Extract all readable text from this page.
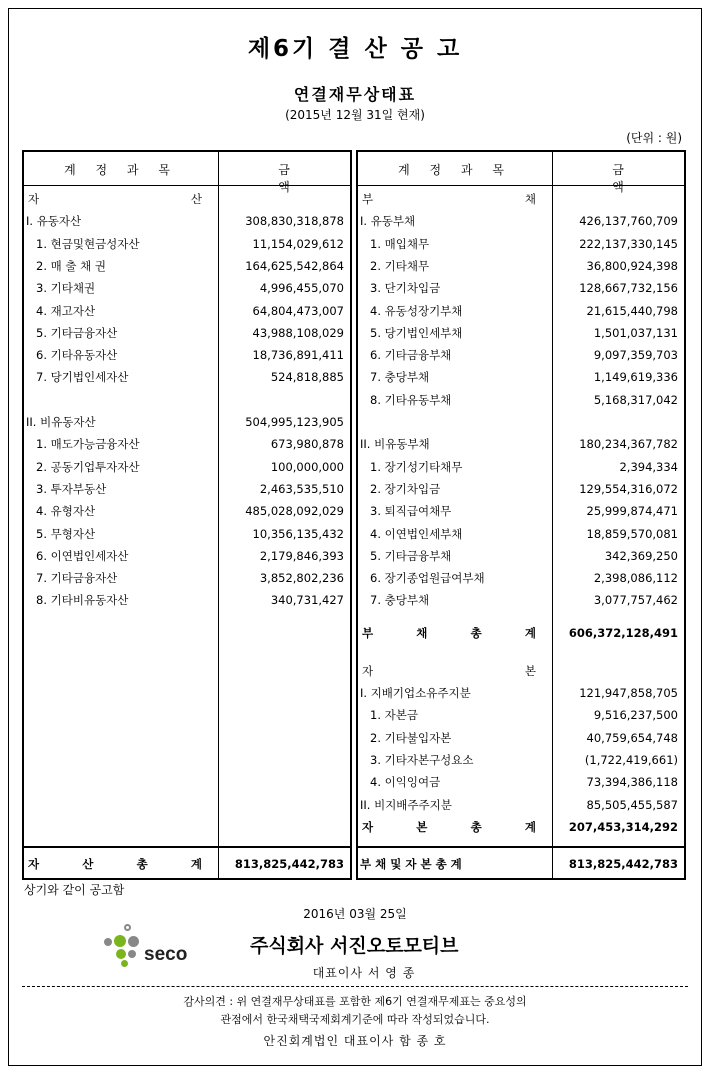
제6기 결 산 공 고
연결재무상태표
(2015년 12월 31일 현재)
(단위 : 원)
계 정 과 목	금 액
자	산
I. 유동자산	308,830,318,878
1. 현금및현금성자산	11,154,029,612
2. 매 출 채 권	164,625,542,864
3. 기타채권	4,996,455,070
4. 재고자산	64,804,473,007
5. 기타금융자산	43,988,108,029
6. 기타유동자산	18,736,891,411
7. 당기법인세자산	524,818,885
II. 비유동자산	504,995,123,905
1. 매도가능금융자산	673,980,878
2. 공동기업투자자산	100,000,000
3. 투자부동산	2,463,535,510
4. 유형자산	485,028,092,029
5. 무형자산	10,356,135,432
6. 이연법인세자산	2,179,846,393
7. 기타금융자산	3,852,802,236
8. 기타비유동자산	340,731,427
자	산	총	계	813,825,442,783
계 정 과 목	금 액
부	채
I. 유동부채	426,137,760,709
1. 매입채무	222,137,330,145
2. 기타채무	36,800,924,398
3. 단기차입금	128,667,732,156
4. 유동성장기부채	21,615,440,798
5. 당기법인세부채	1,501,037,131
6. 기타금융부채	9,097,359,703
7. 충당부채	1,149,619,336
8. 기타유동부채	5,168,317,042
II. 비유동부채	180,234,367,782
1. 장기성기타채무	2,394,334
2. 장기차입금	129,554,316,072
3. 퇴직급여채무	25,999,874,471
4. 이연법인세부채	18,859,570,081
5. 기타금융부채	342,369,250
6. 장기종업원급여부채	2,398,086,112
7. 충당부채	3,077,757,462
부	채	총	계	606,372,128,491
자	본
I. 지배기업소유주지분	121,947,858,705
1. 자본금	9,516,237,500
2. 기타불입자본	40,759,654,748
3. 기타자본구성요소	(1,722,419,661)
4. 이익잉여금	73,394,386,118
II. 비지배주주지분	85,505,455,587
자	본	총	계	207,453,314,292
부 채 및 자 본 총 계	813,825,442,783
상기와 같이 공고함
2016년 03월 25일
seco	주식회사 서진오토모티브
대표이사 서 영 종
감사의견 : 위 연결재무상태표를 포함한 제6기 연결재무제표는 중요성의
관점에서 한국채택국제회계기준에 따라 작성되었습니다.
안진회계법인 대표이사 함 종 호
